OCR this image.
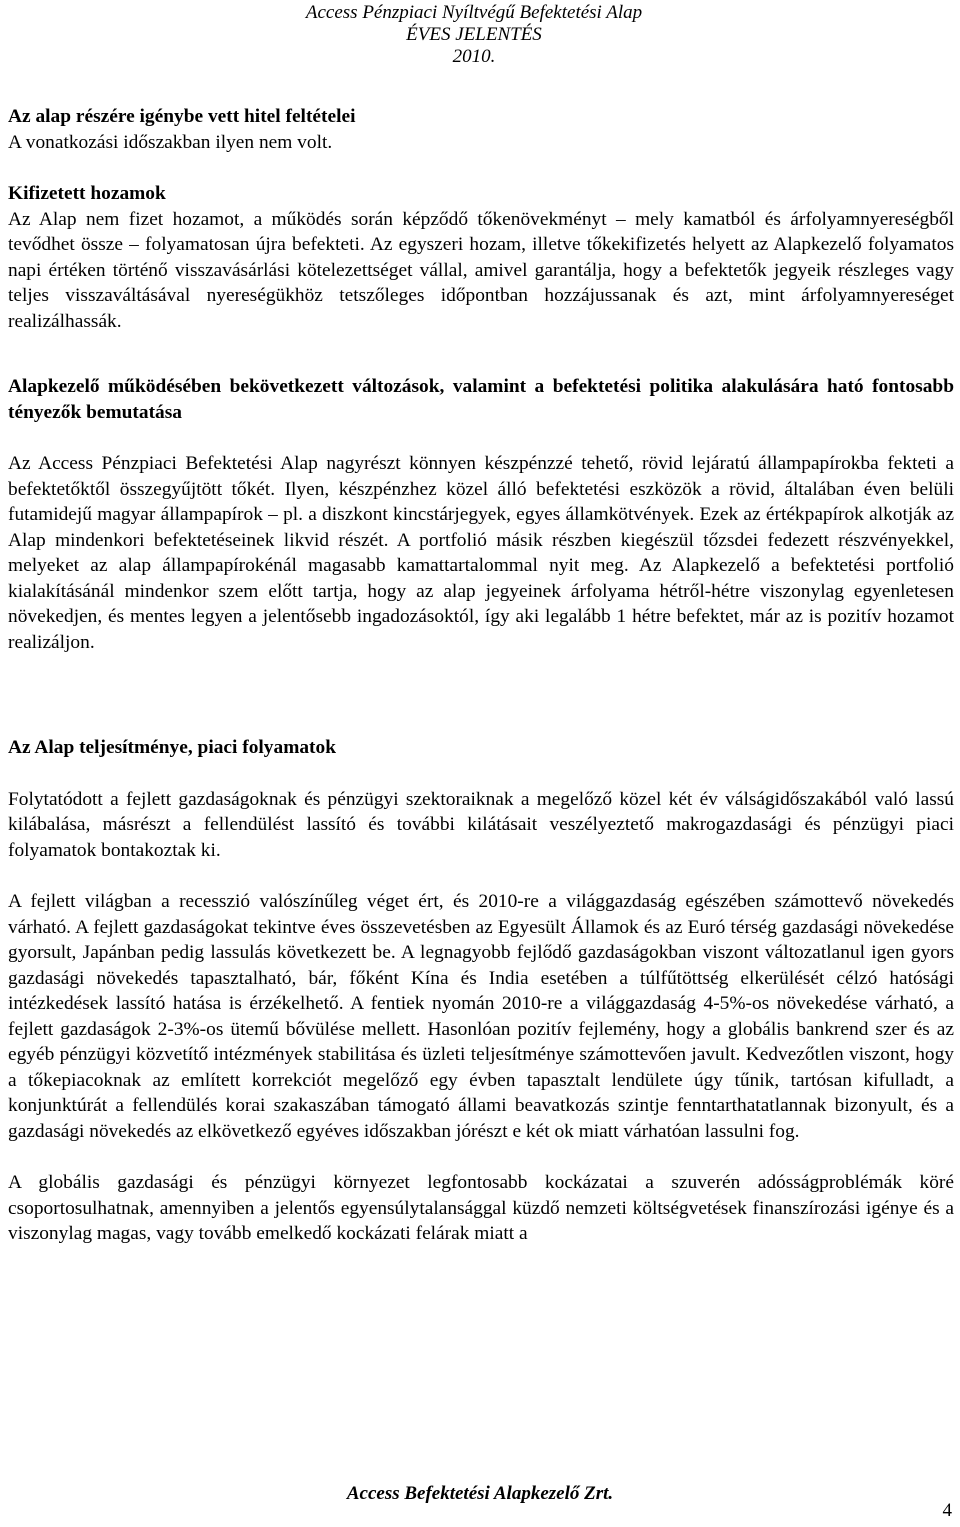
Access Pénzpiaci Nyíltvégű Befektetési Alap
ÉVES JELENTÉS
2010.

Az alap részére igénybe vett hitel feltételei

A vonatkozási időszakban ilyen nem volt.

Kifizetett hozamok

Az Alap nem fizet hozamot, a működés során képződő tőkenövekményt – mely kamatból és árfolyamnyereségből tevődhet össze – folyamatosan újra befekteti. Az egyszeri hozam, illetve tőkekifizetés helyett az Alapkezelő folyamatos napi értéken történő visszavásárlási kötelezettséget vállal, amivel garantálja, hogy a befektetők jegyeik részleges vagy teljes visszaváltásával nyereségükhöz tetszőleges időpontban hozzájussanak és azt, mint árfolyamnyereséget realizálhassák.

Alapkezelő működésében bekövetkezett változások, valamint a befektetési politika alakulására ható fontosabb tényezők bemutatása

Az Access Pénzpiaci Befektetési Alap nagyrészt könnyen készpénzzé tehető, rövid lejáratú állampapírokba fekteti a befektetőktől összegyűjtött tőkét. Ilyen, készpénzhez közel álló befektetési eszközök a rövid, általában éven belüli futamidejű magyar állampapírok – pl. a diszkont kincstárjegyek, egyes államkötvények. Ezek az értékpapírok alkotják az Alap mindenkori befektetéseinek likvid részét. A portfolió másik részben kiegészül tőzsdei fedezett részvényekkel, melyeket az alap állampapírokénál magasabb kamattartalommal nyit meg. Az Alapkezelő a befektetési portfolió kialakításánál mindenkor szem előtt tartja, hogy az alap jegyeinek árfolyama hétről-hétre viszonylag egyenletesen növekedjen, és mentes legyen a jelentősebb ingadozásoktól, így aki legalább 1 hétre befektet, már az is pozitív hozamot realizáljon.

Az Alap teljesítménye, piaci folyamatok

Folytatódott a fejlett gazdaságoknak és pénzügyi szektoraiknak a megelőző közel két év válságidőszakából való lassú kilábalása, másrészt a fellendülést lassító és további kilátásait veszélyeztető makrogazdasági és pénzügyi piaci folyamatok bontakoztak ki.

A fejlett világban a recesszió valószínűleg véget ért, és 2010-re a világgazdaság egészében számottevő növekedés várható. A fejlett gazdaságokat tekintve éves összevetésben az Egyesült Államok és az Euró térség gazdasági növekedése gyorsult, Japánban pedig lassulás következett be. A legnagyobb fejlődő gazdaságokban viszont változatlanul igen gyors gazdasági növekedés tapasztalható, bár, főként Kína és India esetében a túlfűtöttség elkerülését célzó hatósági intézkedések lassító hatása is érzékelhető. A fentiek nyomán 2010-re a világgazdaság 4-5%-os növekedése várható, a fejlett gazdaságok 2-3%-os ütemű bővülése mellett. Hasonlóan pozitív fejlemény, hogy a globális bankrend szer és az egyéb pénzügyi közvetítő intézmények stabilitása és üzleti teljesítménye számottevően javult. Kedvezőtlen viszont, hogy a tőkepiacoknak az említett korrekciót megelőző egy évben tapasztalt lendülete úgy tűnik, tartósan kifulladt, a konjunktúrát a fellendülés korai szakaszában támogató állami beavatkozás szintje fenntarthatatlannak bizonyult, és a gazdasági növekedés az elkövetkező egyéves időszakban jórészt e két ok miatt várhatóan lassulni fog.

A globális gazdasági és pénzügyi környezet legfontosabb kockázatai a szuverén adósságproblémák köré csoportosulhatnak, amennyiben a jelentős egyensúlytalansággal küzdő nemzeti költségvetések finanszírozási igénye és a viszonylag magas, vagy tovább emelkedő kockázati felárak miatt a

Access Befektetési Alapkezelő Zrt.
4
